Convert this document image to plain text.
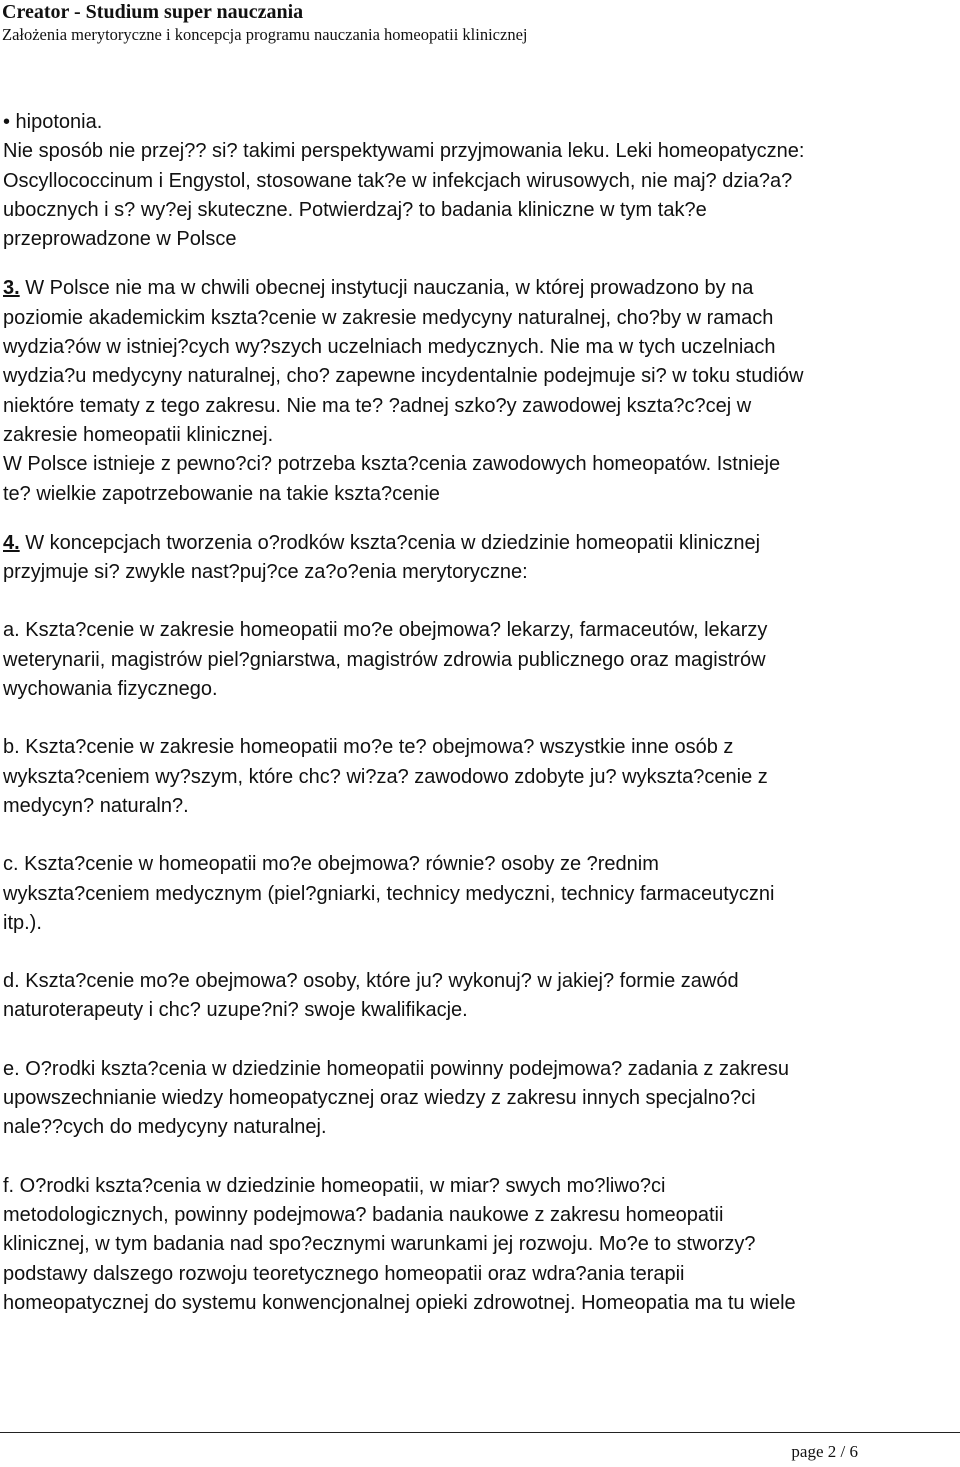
Creator - Studium super nauczania

Założenia merytoryczne i koncepcja programu nauczania homeopatii klinicznej

• hipotonia.

Nie sposób nie przej?? si? takimi perspektywami przyjmowania leku. Leki homeopatyczne:

Oscyllococcinum i Engystol, stosowane tak?e w infekcjach wirusowych, nie maj? dzia?a?

ubocznych i s? wy?ej skuteczne. Potwierdzaj? to badania kliniczne w tym tak?e

przeprowadzone w Polsce

3. W Polsce nie ma w chwili obecnej instytucji nauczania, w której prowadzono by na

poziomie akademickim kszta?cenie w zakresie medycyny naturalnej, cho?by w ramach

wydzia?ów w istniej?cych wy?szych uczelniach medycznych. Nie ma w tych uczelniach

wydzia?u medycyny naturalnej, cho? zapewne incydentalnie podejmuje si? w toku studiów

niektóre tematy z tego zakresu. Nie ma te? ?adnej szko?y zawodowej kszta?c?cej w

zakresie homeopatii klinicznej.

W Polsce istnieje z pewno?ci? potrzeba kszta?cenia zawodowych homeopatów. Istnieje

te? wielkie zapotrzebowanie na takie kszta?cenie

4. W koncepcjach tworzenia o?rodków kszta?cenia w dziedzinie homeopatii klinicznej

przyjmuje si? zwykle nast?puj?ce za?o?enia merytoryczne:

a. Kszta?cenie w zakresie homeopatii mo?e obejmowa? lekarzy, farmaceutów, lekarzy

weterynarii, magistrów piel?gniarstwa, magistrów zdrowia publicznego oraz magistrów

wychowania fizycznego.

b. Kszta?cenie w zakresie homeopatii mo?e te? obejmowa? wszystkie inne osób z

wykszta?ceniem wy?szym, które chc? wi?za? zawodowo zdobyte ju? wykszta?cenie z

medycyn? naturaln?.

c. Kszta?cenie w homeopatii mo?e obejmowa? równie? osoby ze ?rednim

wykszta?ceniem medycznym (piel?gniarki, technicy medyczni, technicy farmaceutyczni

itp.).

d. Kszta?cenie mo?e obejmowa? osoby, które ju? wykonuj? w jakiej? formie zawód

naturoterapeuty i chc? uzupe?ni? swoje kwalifikacje.

e. O?rodki kszta?cenia w dziedzinie homeopatii powinny podejmowa? zadania z zakresu

upowszechnianie wiedzy homeopatycznej oraz wiedzy z zakresu innych specjalno?ci

nale??cych do medycyny naturalnej.

f. O?rodki kszta?cenia w dziedzinie homeopatii, w miar? swych mo?liwo?ci

metodologicznych, powinny podejmowa? badania naukowe z zakresu homeopatii

klinicznej, w tym badania nad spo?ecznymi warunkami jej rozwoju. Mo?e to stworzy?

podstawy dalszego rozwoju teoretycznego homeopatii oraz wdra?ania terapii

homeopatycznej do systemu konwencjonalnej opieki zdrowotnej. Homeopatia ma tu wiele

page 2 / 6
